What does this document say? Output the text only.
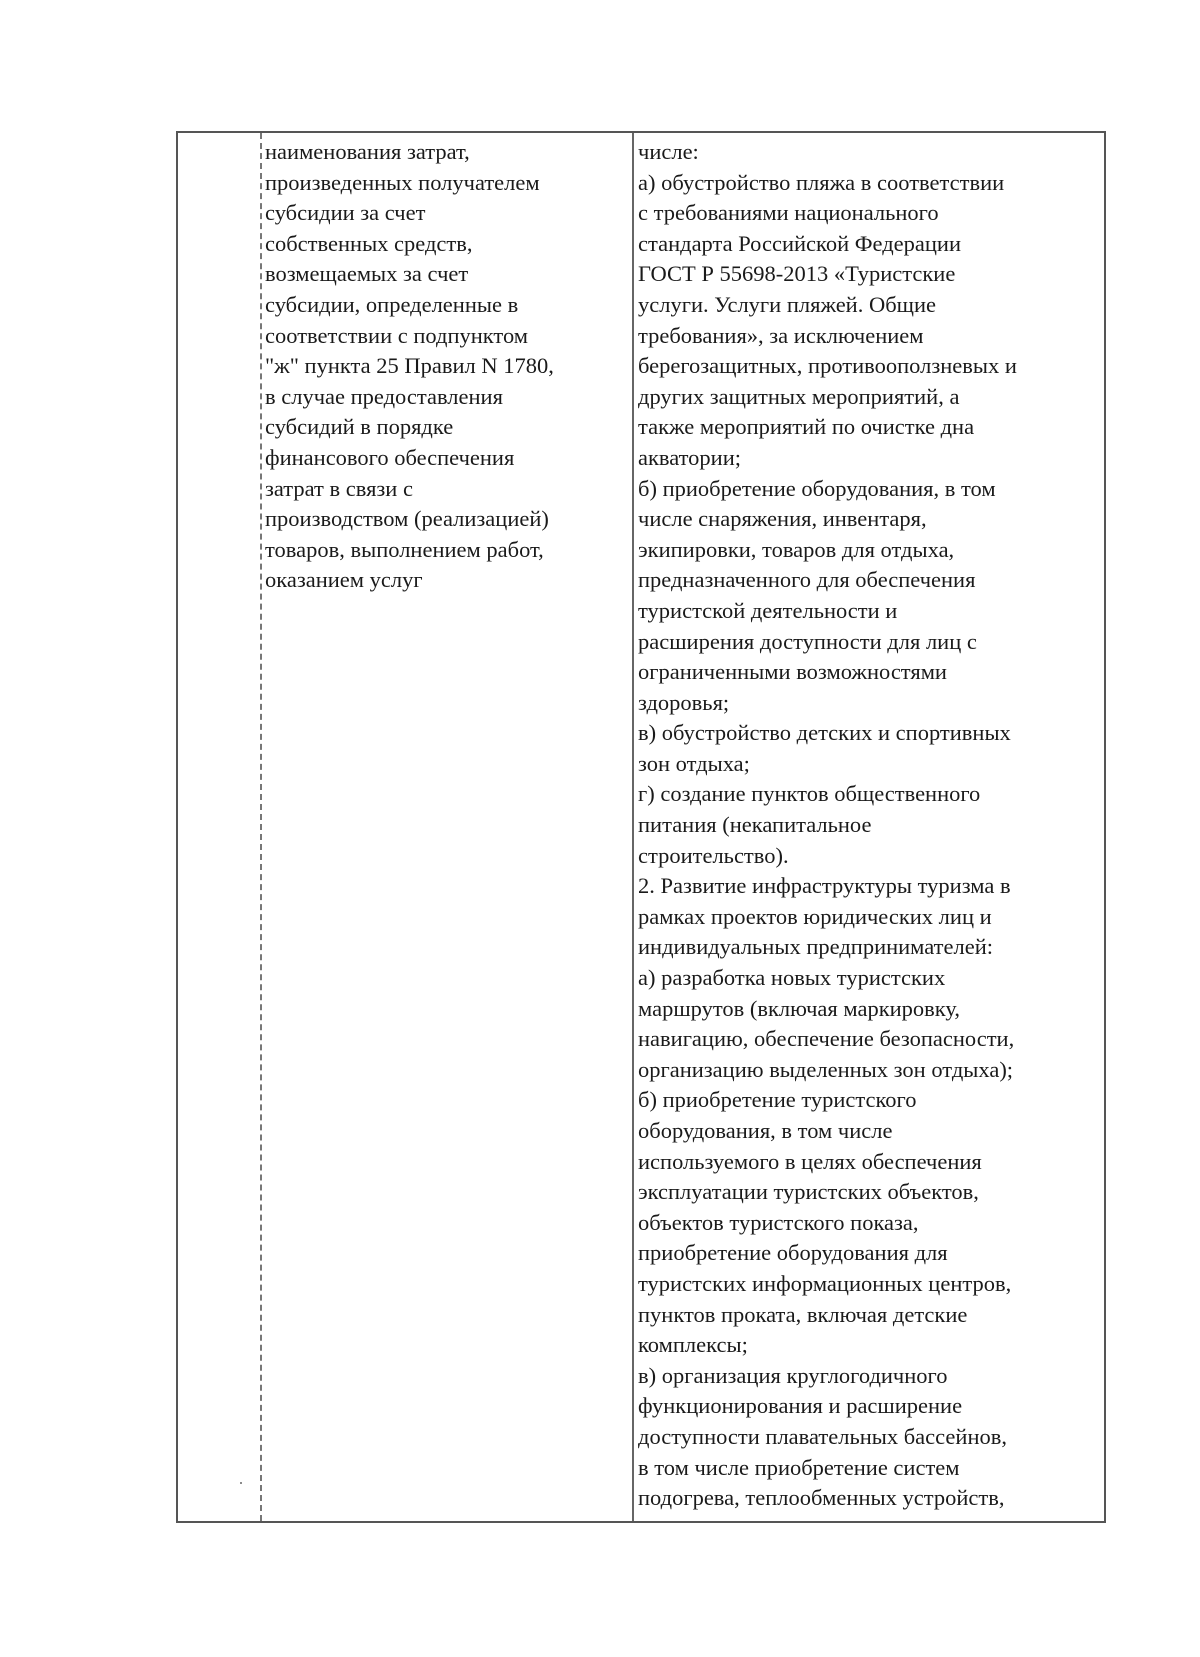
наименования затрат,
произведенных получателем
субсидии за счет
собственных средств,
возмещаемых за счет
субсидии, определенные в
соответствии с подпунктом
"ж" пункта 25 Правил N 1780,
в случае предоставления
субсидий в порядке
финансового обеспечения
затрат в связи с
производством (реализацией)
товаров, выполнением работ,
оказанием услуг
числе:
а) обустройство пляжа в соответствии
с требованиями национального
стандарта Российской Федерации
ГОСТ Р 55698-2013 «Туристские
услуги. Услуги пляжей. Общие
требования», за исключением
берегозащитных, противооползневых и
других защитных мероприятий, а
также мероприятий по очистке дна
акватории;
б) приобретение оборудования, в том
числе снаряжения, инвентаря,
экипировки, товаров для отдыха,
предназначенного для обеспечения
туристской деятельности и
расширения доступности для лиц с
ограниченными возможностями
здоровья;
в) обустройство детских и спортивных
зон отдыха;
г) создание пунктов общественного
питания (некапитальное
строительство).
2. Развитие инфраструктуры туризма в
рамках проектов юридических лиц и
индивидуальных предпринимателей:
а) разработка новых туристских
маршрутов (включая маркировку,
навигацию, обеспечение безопасности,
организацию выделенных зон отдыха);
б) приобретение туристского
оборудования, в том числе
используемого в целях обеспечения
эксплуатации туристских объектов,
объектов туристского показа,
приобретение оборудования для
туристских информационных центров,
пунктов проката, включая детские
комплексы;
в) организация круглогодичного
функционирования и расширение
доступности плавательных бассейнов,
в том числе приобретение систем
подогрева, теплообменных устройств,
